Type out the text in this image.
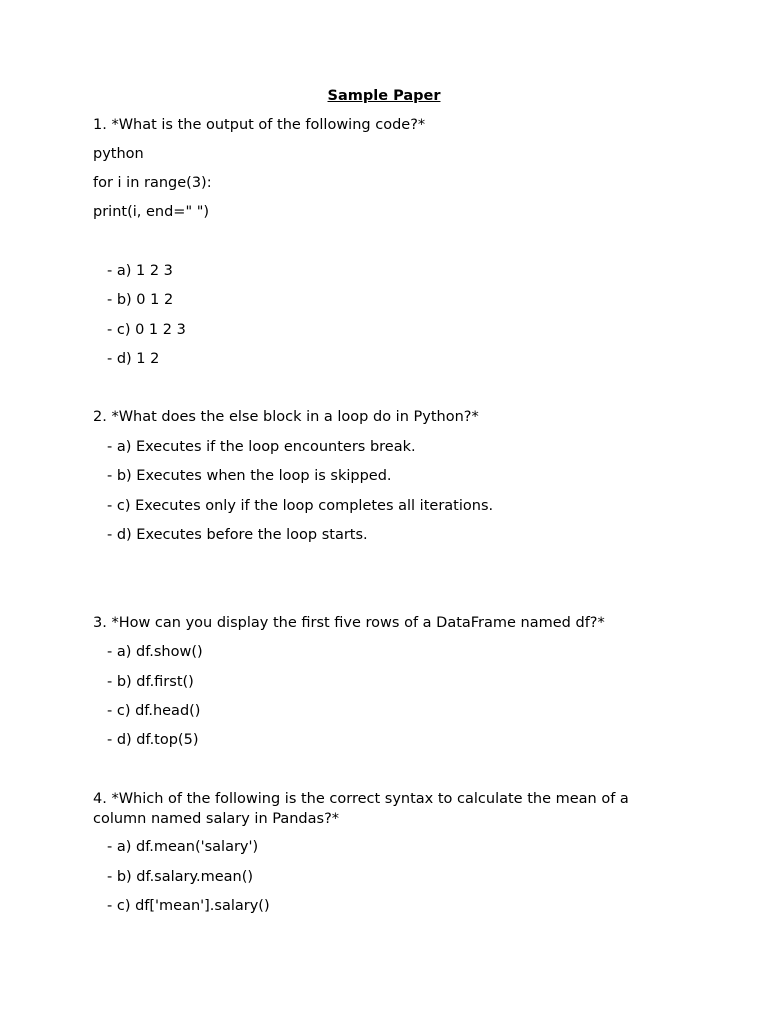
Sample Paper
1. *What is the output of the following code?*
python
for i in range(3):
print(i, end=" ")
- a) 1 2 3
- b) 0 1 2
- c) 0 1 2 3
- d) 1 2
2. *What does the else block in a loop do in Python?*
- a) Executes if the loop encounters break.
- b) Executes when the loop is skipped.
- c) Executes only if the loop completes all iterations.
- d) Executes before the loop starts.
3. *How can you display the first five rows of a DataFrame named df?*
- a) df.show()
- b) df.first()
- c) df.head()
- d) df.top(5)
4. *Which of the following is the correct syntax to calculate the mean of a column named salary in Pandas?*
- a) df.mean('salary')
- b) df.salary.mean()
- c) df['mean'].salary()
